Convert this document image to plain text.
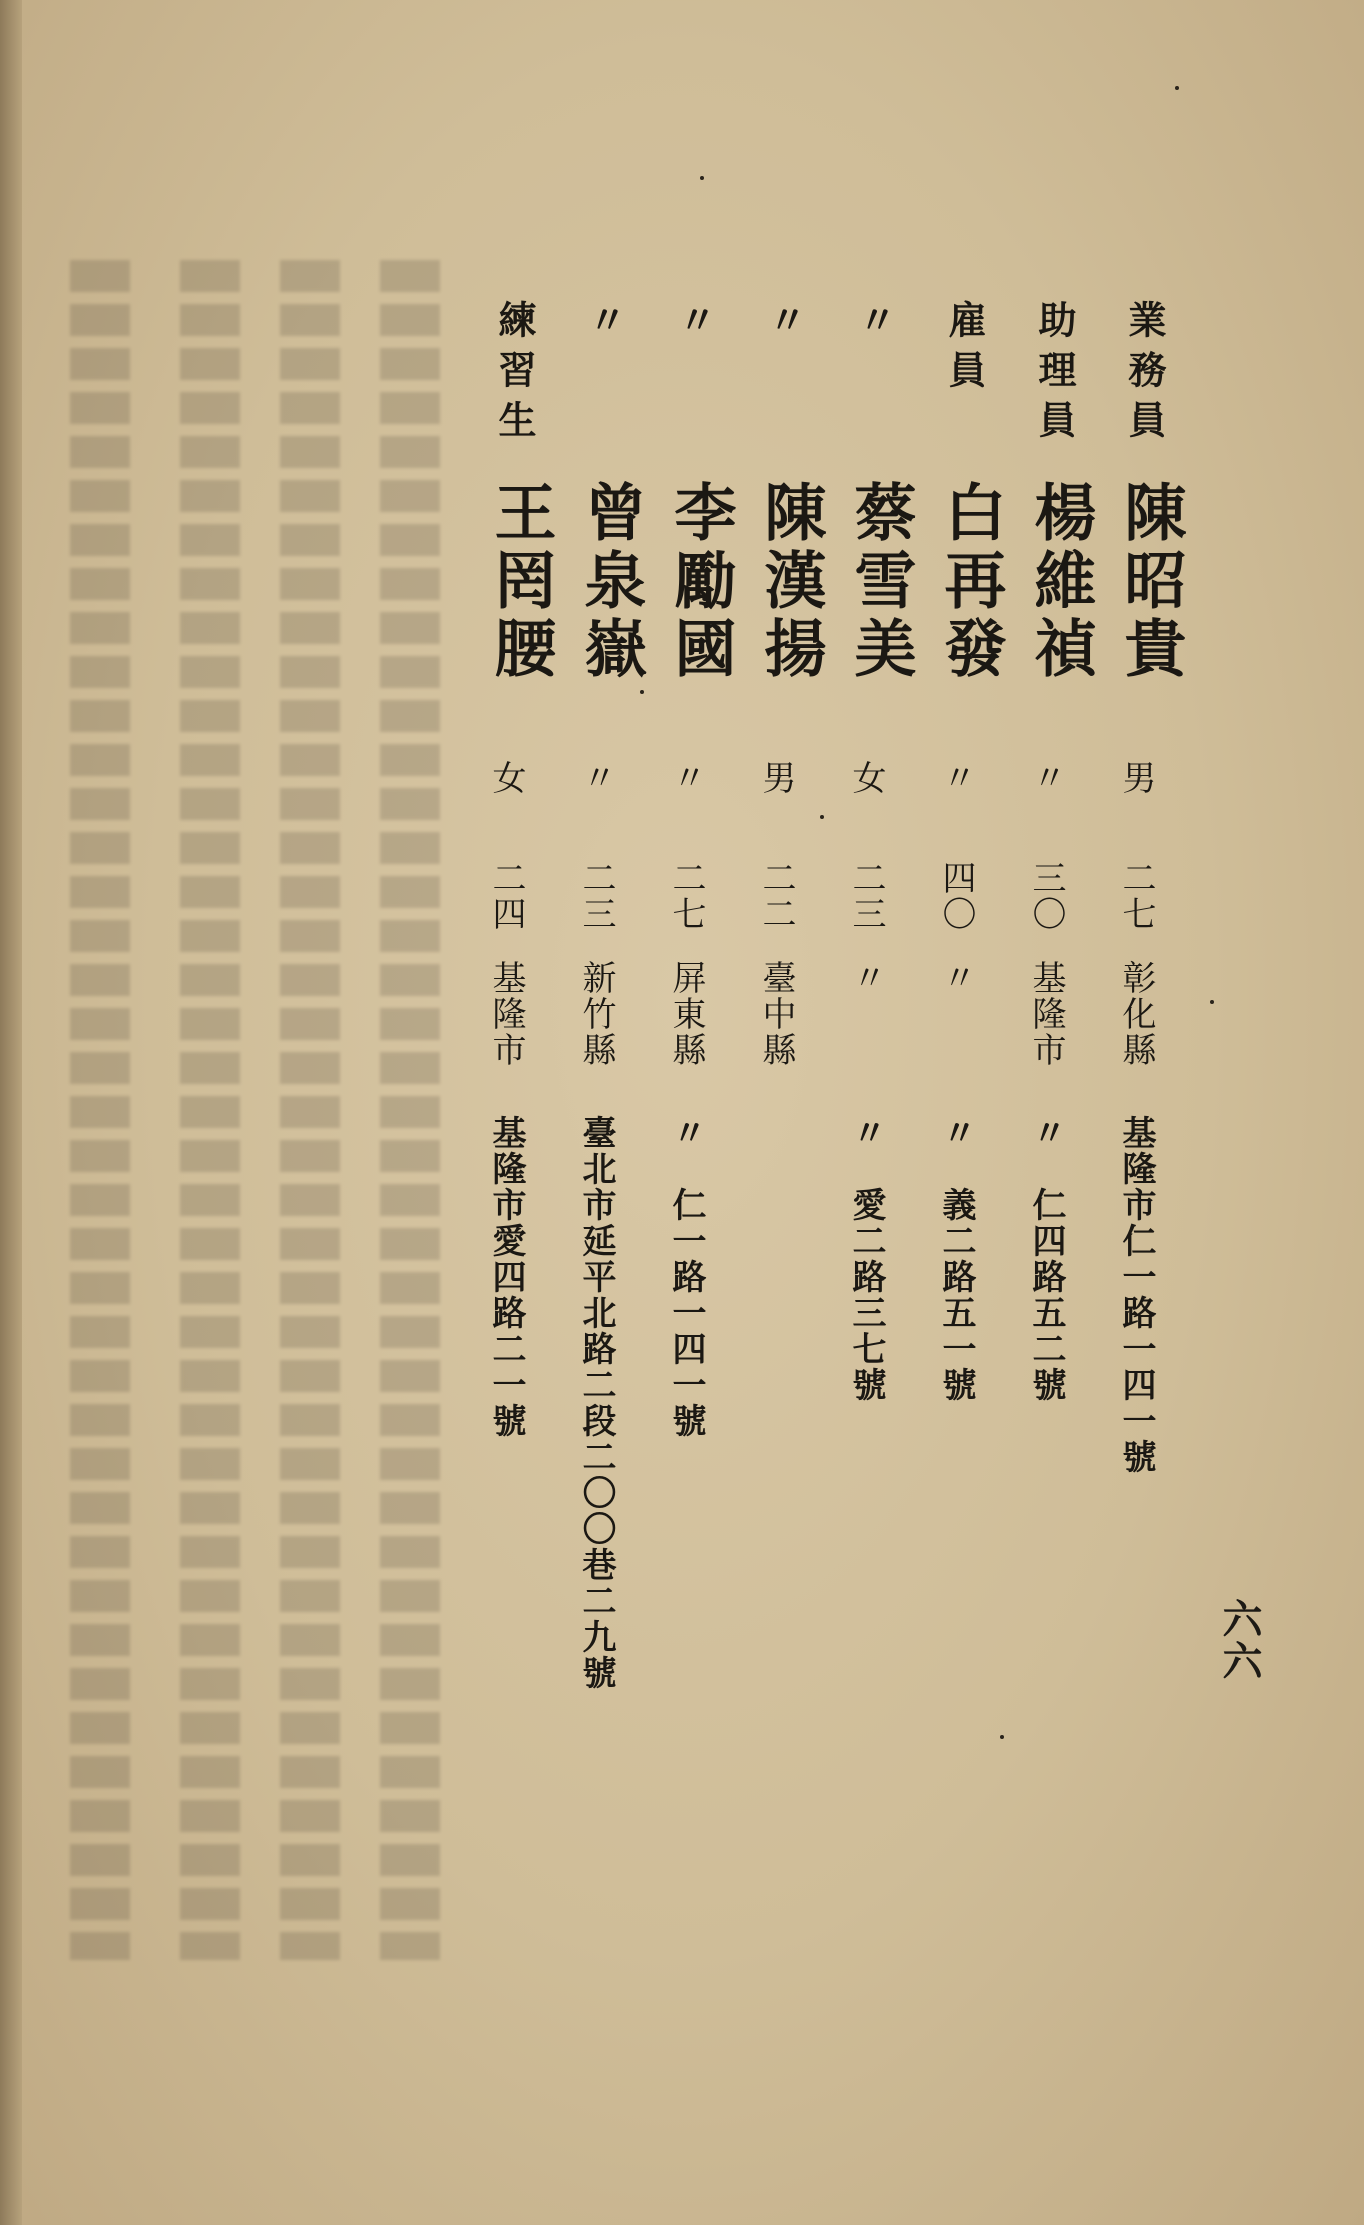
六六
業務員
陳昭貴
男
二七
彰化縣
基隆市仁一路一四一號
助理員
楊維禎
〃
三〇
基隆市
〃　仁四路五二號
雇員
白再發
〃
四〇
〃
〃　義二路五一號
〃
蔡雪美
女
二三
〃
〃　愛二路三七號
〃
陳漢揚
男
二二
臺中縣
〃
李勵國
〃
二七
屏東縣
〃　仁一路一四一號
〃
曾泉嶽
〃
二三
新竹縣
臺北市延平北路二段二〇〇巷二九號
練習生
王罔腰
女
二四
基隆市
基隆市愛四路二一號
